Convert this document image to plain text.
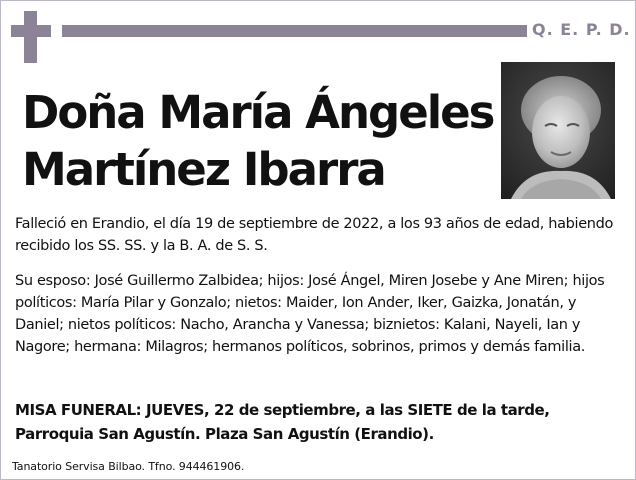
Q. E. P. D.
Doña María Ángeles
Martínez Ibarra
Falleció en Erandio, el día 19 de septiembre de 2022, a los 93 años de edad, habiendo recibido los SS. SS. y la B. A. de S. S.
Su esposo: José Guillermo Zalbidea; hijos: José Ángel, Miren Josebe y Ane Miren; hijos políticos: María Pilar y Gonzalo; nietos: Maider, Ion Ander, Iker, Gaizka, Jonatán, y Daniel; nietos políticos: Nacho, Arancha y Vanessa; biznietos: Kalani, Nayeli, Ian y Nagore; hermana: Milagros; hermanos políticos, sobrinos, primos y demás familia.
MISA FUNERAL: JUEVES, 22 de septiembre, a las SIETE de la tarde, Parroquia San Agustín. Plaza San Agustín (Erandio).
Tanatorio Servisa Bilbao. Tfno. 944461906.
